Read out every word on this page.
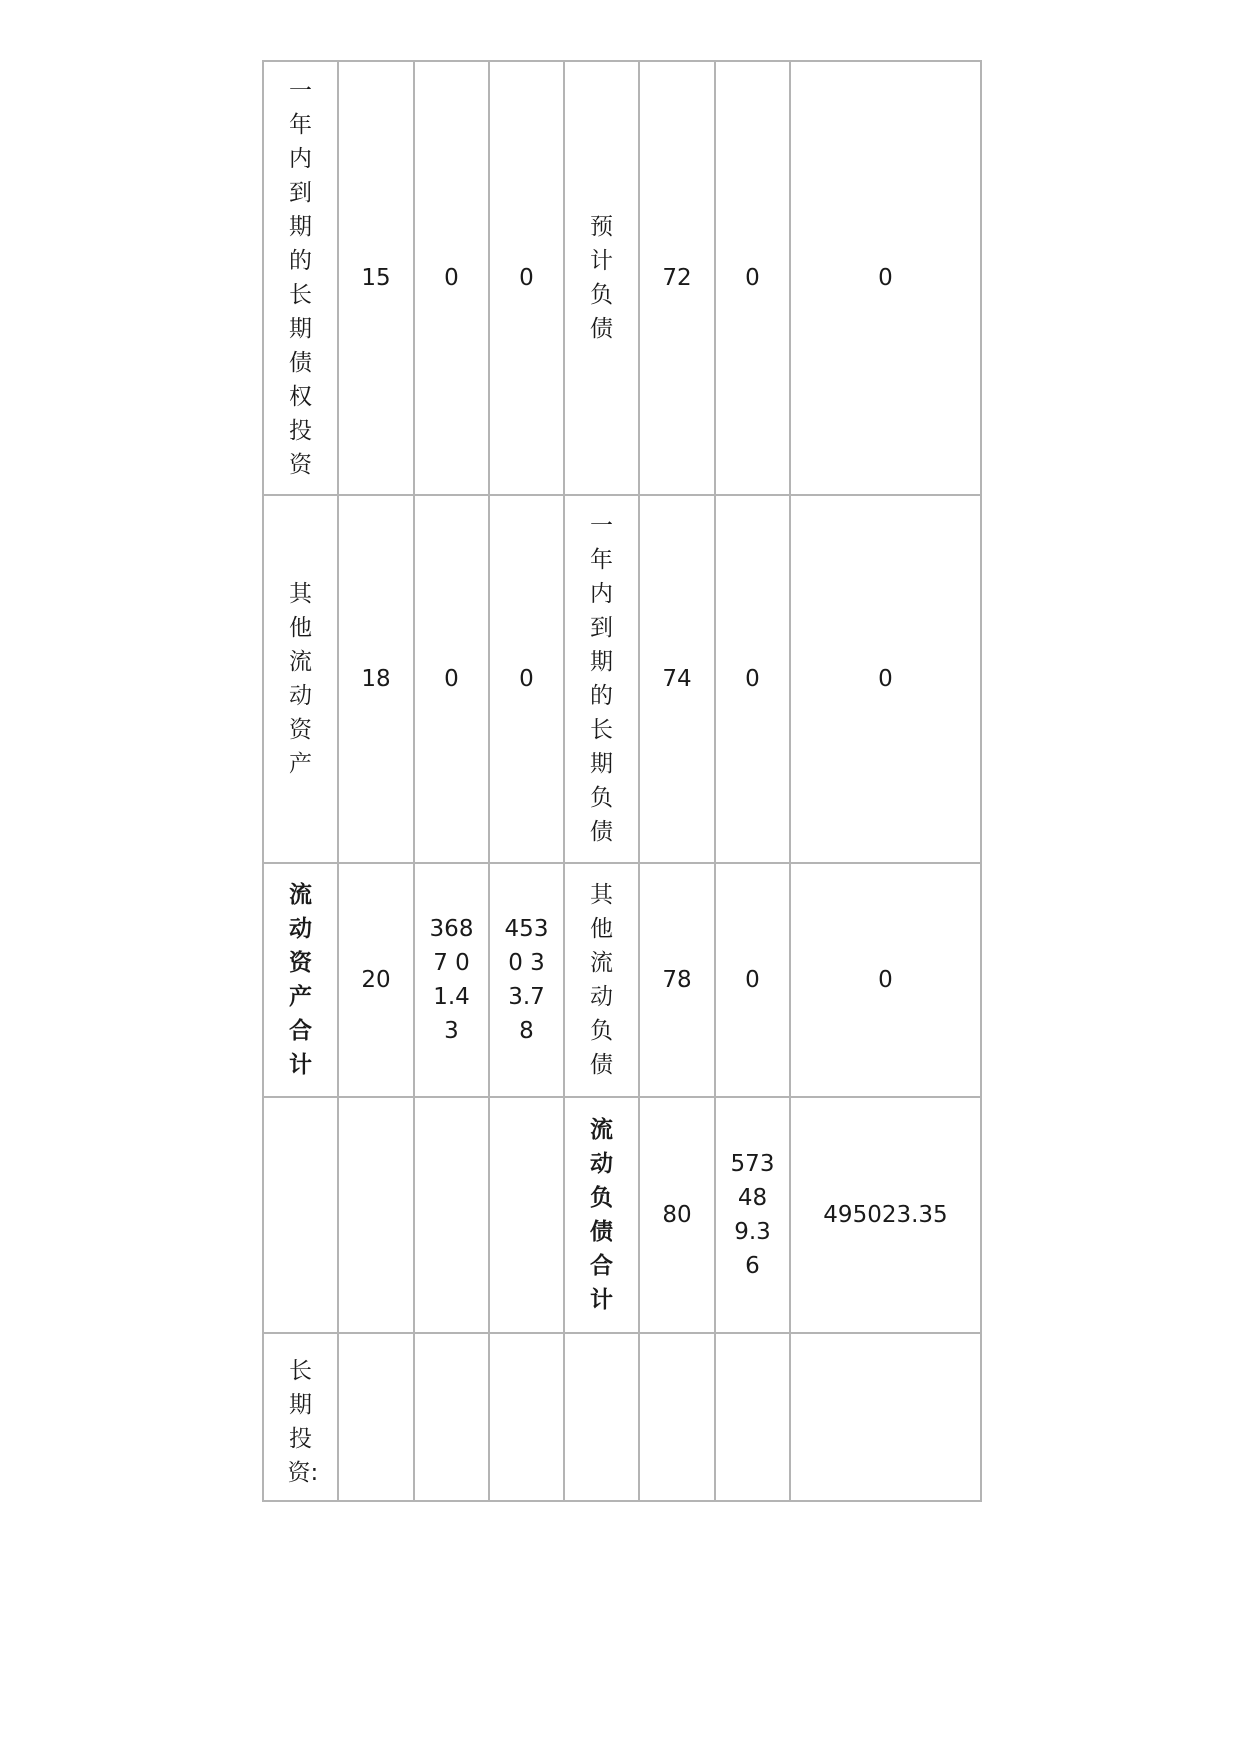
一年内到期的长期债权投资	15	0	0	预计负债	72	0	0
其他流动资产	18	0	0	一年内到期的长期负债	74	0	0
流动资产合计	20	3687 01.43	4530 33.78	其他流动负债	78	0	0
				流动负债合计	80	573489.36	495023.35
长期投资:							
